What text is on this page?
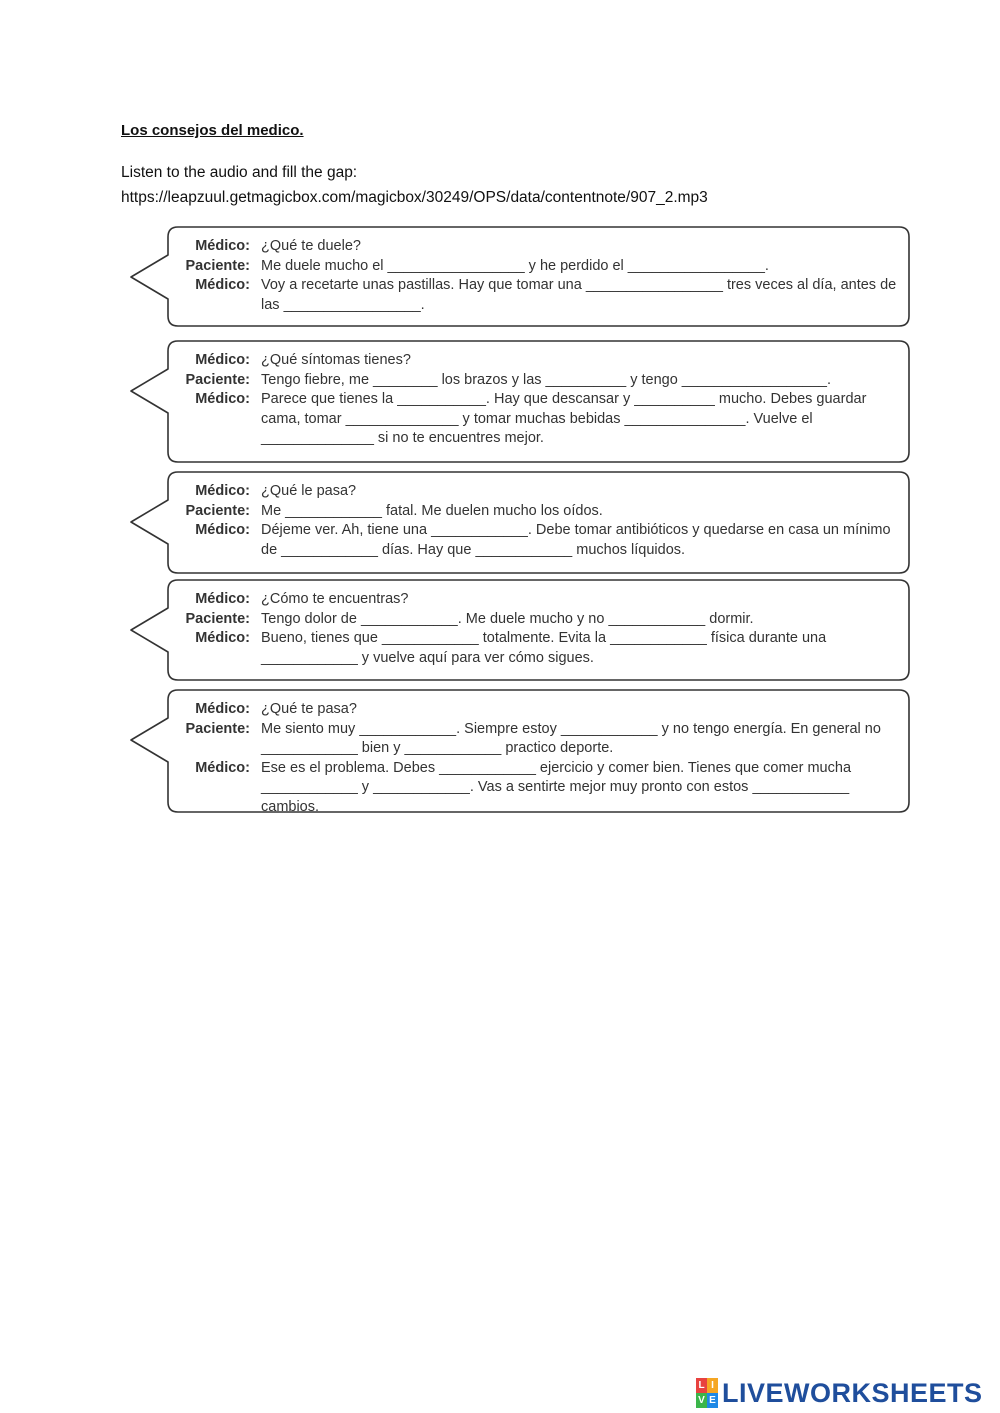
Los consejos del medico.
Listen to the audio and fill the gap:
https://leapzuul.getmagicbox.com/magicbox/30249/OPS/data/contentnote/907_2.mp3
Médico: ¿Qué te duele?
Paciente: Me duele mucho el _________________ y he perdido el _________________.
Médico: Voy a recetarte unas pastillas. Hay que tomar una _________________ tres veces al día, antes de las _________________.
Médico: ¿Qué síntomas tienes?
Paciente: Tengo fiebre, me ________ los brazos y las __________ y tengo __________________.
Médico: Parece que tienes la ___________. Hay que descansar y __________ mucho. Debes guardar cama, tomar ______________ y tomar muchas bebidas _______________. Vuelve el ______________ si no te encuentres mejor.
Médico: ¿Qué le pasa?
Paciente: Me ____________ fatal. Me duelen mucho los oídos.
Médico: Déjeme ver. Ah, tiene una ____________. Debe tomar antibióticos y quedarse en casa un mínimo de ____________ días. Hay que ____________ muchos líquidos.
Médico: ¿Cómo te encuentras?
Paciente: Tengo dolor de ____________. Me duele mucho y no ____________ dormir.
Médico: Bueno, tienes que ____________ totalmente. Evita la ____________ física durante una ____________ y vuelve aquí para ver cómo sigues.
Médico: ¿Qué te pasa?
Paciente: Me siento muy ____________. Siempre estoy ____________ y no tengo energía. En general no ____________ bien y ____________ practico deporte.
Médico: Ese es el problema. Debes ____________ ejercicio y comer bien. Tienes que comer mucha ____________ y ____________. Vas a sentirte mejor muy pronto con estos ____________ cambios.
L I
V E LIVEWORKSHEETS
